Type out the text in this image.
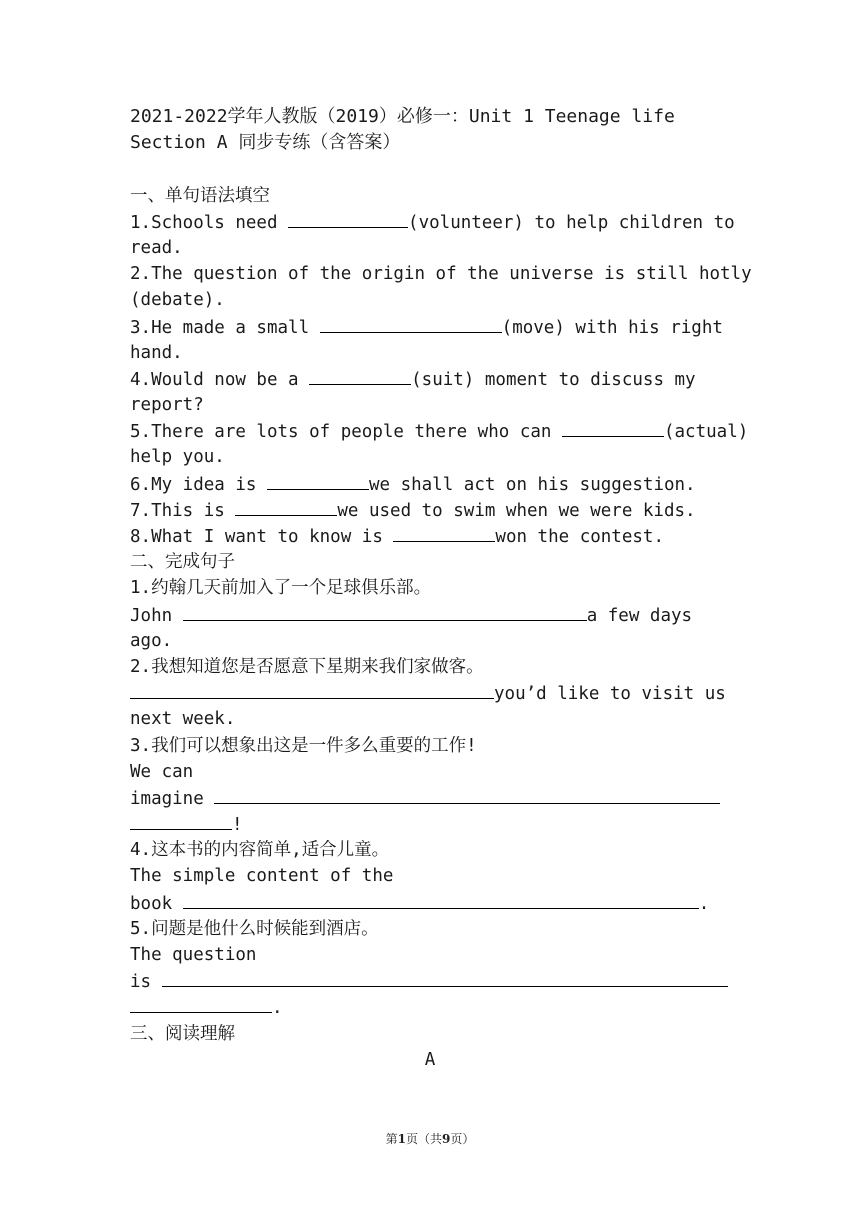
2021-2022学年人教版（2019）必修一：Unit 1 Teenage life
Section A 同步专练（含答案）
一、单句语法填空
1.Schools need	(volunteer) to help children to
read.
2.The question of the origin of the universe is still hotly
(debate).
3.He made a small	(move) with his right
hand.
4.Would now be a	(suit) moment to discuss my
report?
5.There are lots of people there who can	(actual)
help you.
6.My idea is	we shall act on his suggestion.
7.This is	we used to swim when we were kids.
8.What I want to know is	won the contest.
二、完成句子
1.约翰几天前加入了一个足球俱乐部。
John	a few days
ago.
2.我想知道您是否愿意下星期来我们家做客。
you’d like to visit us
next week.
3.我们可以想象出这是一件多么重要的工作!
We can
imagine
!
4.这本书的内容简单,适合儿童。
The simple content of the
book	.
5.问题是他什么时候能到酒店。
The question
is
.
三、阅读理解
A
第1页（共9页）
